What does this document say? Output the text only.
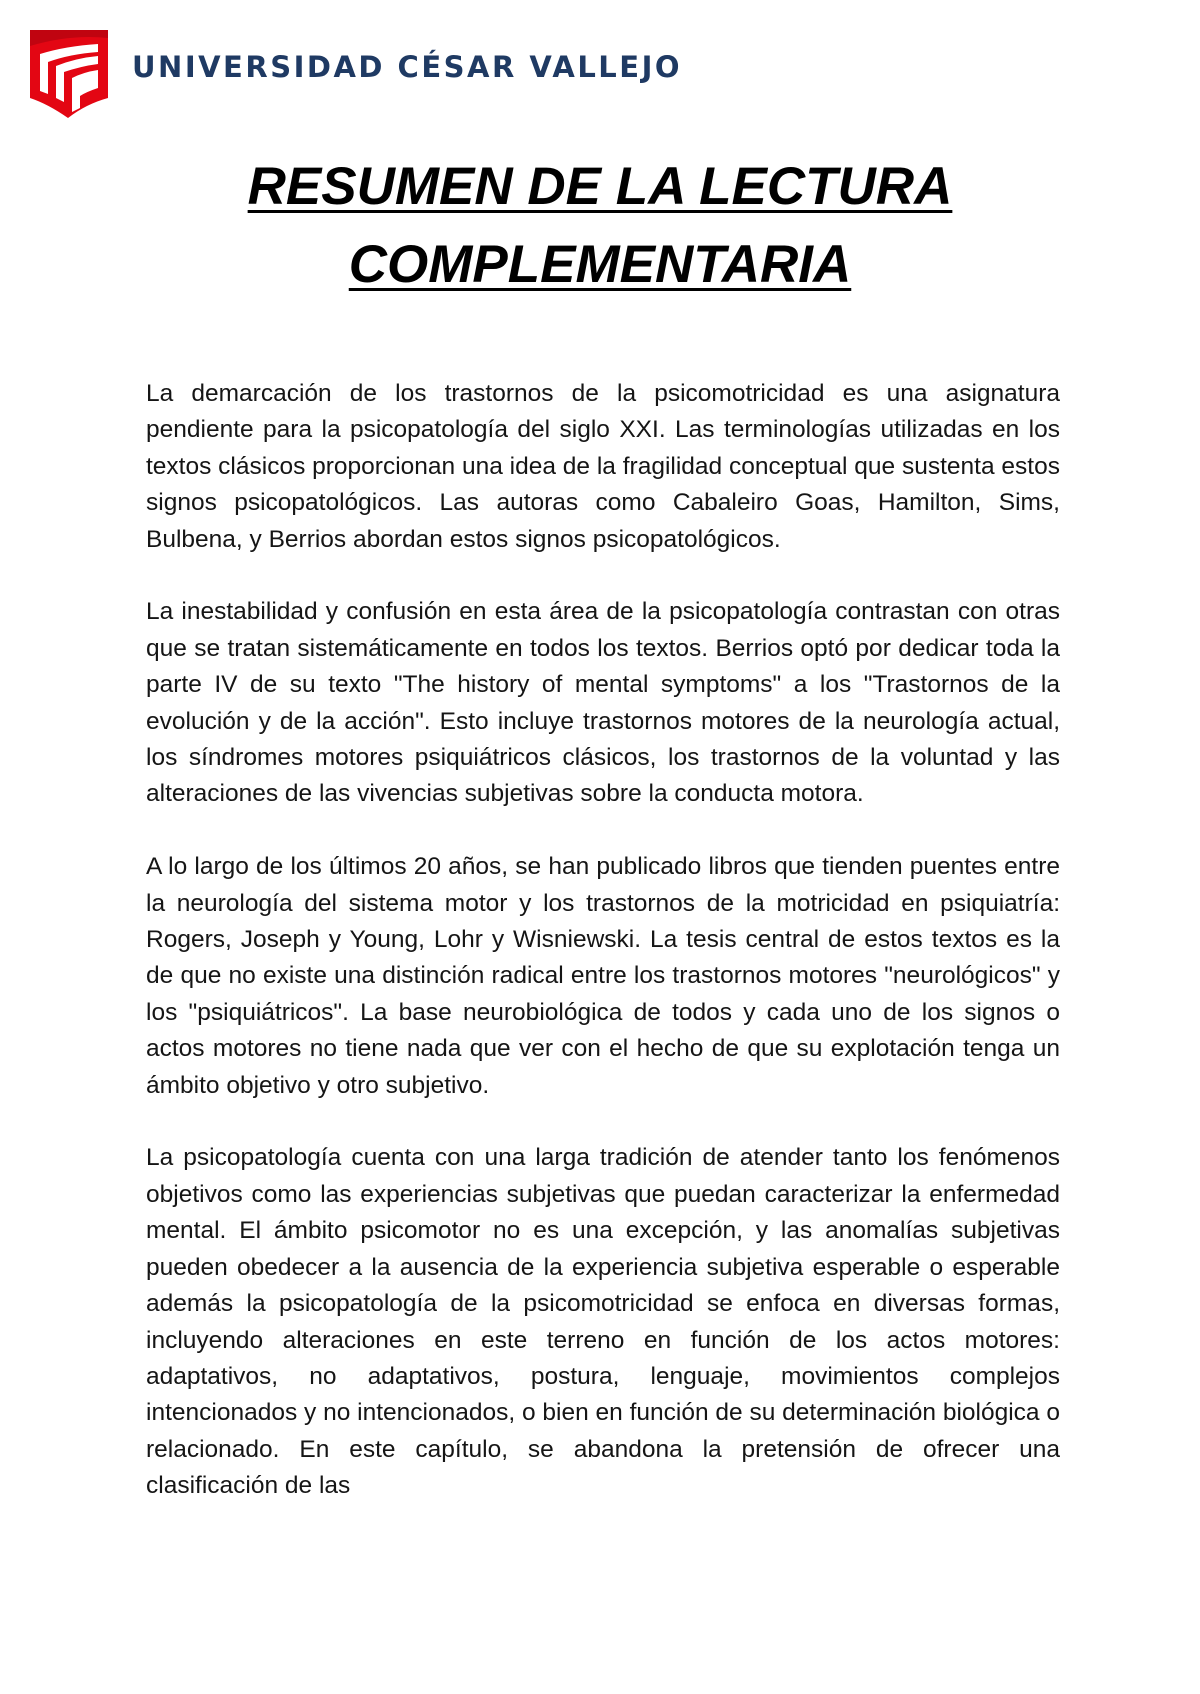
UNIVERSIDAD CÉSAR VALLEJO
RESUMEN DE LA LECTURA
COMPLEMENTARIA

La demarcación de los trastornos de la psicomotricidad es una asignatura pendiente para la psicopatología del siglo XXI. Las terminologías utilizadas en los textos clásicos proporcionan una idea de la fragilidad conceptual que sustenta estos signos psicopatológicos. Las autoras como Cabaleiro Goas, Hamilton, Sims, Bulbena, y Berrios abordan estos signos psicopatológicos.

La inestabilidad y confusión en esta área de la psicopatología contrastan con otras que se tratan sistemáticamente en todos los textos. Berrios optó por dedicar toda la parte IV de su texto "The history of mental symptoms" a los "Trastornos de la evolución y de la acción". Esto incluye trastornos motores de la neurología actual, los síndromes motores psiquiátricos clásicos, los trastornos de la voluntad y las alteraciones de las vivencias subjetivas sobre la conducta motora.

A lo largo de los últimos 20 años, se han publicado libros que tienden puentes entre la neurología del sistema motor y los trastornos de la motricidad en psiquiatría: Rogers, Joseph y Young, Lohr y Wisniewski. La tesis central de estos textos es la de que no existe una distinción radical entre los trastornos motores "neurológicos" y los "psiquiátricos". La base neurobiológica de todos y cada uno de los signos o actos motores no tiene nada que ver con el hecho de que su explotación tenga un ámbito objetivo y otro subjetivo.

La psicopatología cuenta con una larga tradición de atender tanto los fenómenos objetivos como las experiencias subjetivas que puedan caracterizar la enfermedad mental. El ámbito psicomotor no es una excepción, y las anomalías subjetivas pueden obedecer a la ausencia de la experiencia subjetiva esperable o esperable además la psicopatología de la psicomotricidad se enfoca en diversas formas, incluyendo alteraciones en este terreno en función de los actos motores: adaptativos, no adaptativos, postura, lenguaje, movimientos complejos intencionados y no intencionados, o bien en función de su determinación biológica o relacionado. En este capítulo, se abandona la pretensión de ofrecer una clasificación de las
